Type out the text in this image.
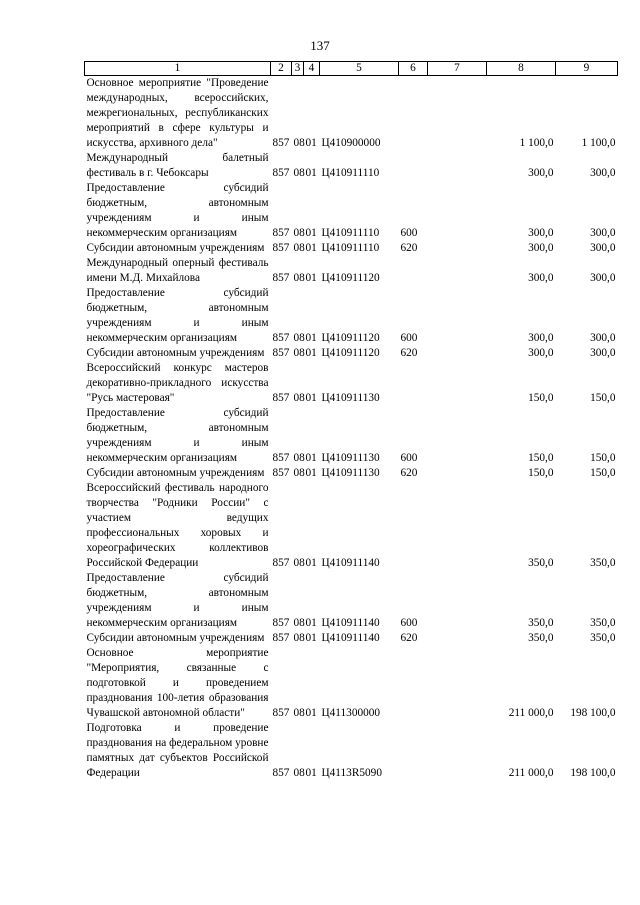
137
1	2	3	4	5	6	7	8	9
Основное мероприятие "Проведение международных, всероссийских, межрегиональных, республиканских мероприятий в сфере культуры и искусства, архивного дела"	857	08	01	Ц410900000			1 100,0	1 100,0
Международный балетный фестиваль в г. Чебоксары	857	08	01	Ц410911110			300,0	300,0
Предоставление субсидий бюджетным, автономным учреждениям и иным некоммерческим организациям	857	08	01	Ц410911110	600		300,0	300,0
Субсидии автономным учреждениям	857	08	01	Ц410911110	620		300,0	300,0
Международный оперный фестиваль имени М.Д. Михайлова	857	08	01	Ц410911120			300,0	300,0
Предоставление субсидий бюджетным, автономным учреждениям и иным некоммерческим организациям	857	08	01	Ц410911120	600		300,0	300,0
Субсидии автономным учреждениям	857	08	01	Ц410911120	620		300,0	300,0
Всероссийский конкурс мастеров декоративно-прикладного искусства "Русь мастеровая"	857	08	01	Ц410911130			150,0	150,0
Предоставление субсидий бюджетным, автономным учреждениям и иным некоммерческим организациям	857	08	01	Ц410911130	600		150,0	150,0
Субсидии автономным учреждениям	857	08	01	Ц410911130	620		150,0	150,0
Всероссийский фестиваль народного творчества "Родники России" с участием ведущих профессиональных хоровых и хореографических коллективов Российской Федерации	857	08	01	Ц410911140			350,0	350,0
Предоставление субсидий бюджетным, автономным учреждениям и иным некоммерческим организациям	857	08	01	Ц410911140	600		350,0	350,0
Субсидии автономным учреждениям	857	08	01	Ц410911140	620		350,0	350,0
Основное мероприятие "Мероприятия, связанные с подготовкой и проведением празднования 100-летия образования Чувашской автономной области"	857	08	01	Ц411300000			211 000,0	198 100,0
Подготовка и проведение празднования на федеральном уровне памятных дат субъектов Российской Федерации	857	08	01	Ц4113R5090			211 000,0	198 100,0
